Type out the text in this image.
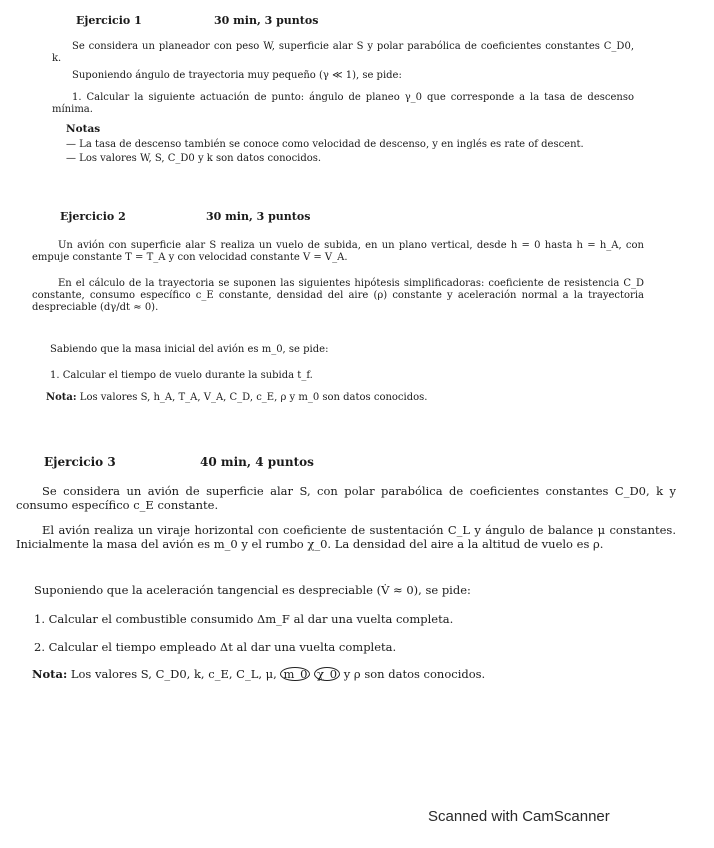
Ejercicio 1	30 min, 3 puntos
Se considera un planeador con peso W, superficie alar S y polar parabólica de coeficientes constantes C_D0, k.
Suponiendo ángulo de trayectoria muy pequeño (γ ≪ 1), se pide:
1. Calcular la siguiente actuación de punto: ángulo de planeo γ_0 que corresponde a la tasa de descenso mínima.
Notas
— La tasa de descenso también se conoce como velocidad de descenso, y en inglés es rate of descent.
— Los valores W, S, C_D0 y k son datos conocidos.
Ejercicio 2	30 min, 3 puntos
Un avión con superficie alar S realiza un vuelo de subida, en un plano vertical, desde h = 0 hasta h = h_A, con empuje constante T = T_A y con velocidad constante V = V_A.
En el cálculo de la trayectoria se suponen las siguientes hipótesis simplificadoras: coeficiente de resistencia C_D constante, consumo específico c_E constante, densidad del aire (ρ) constante y aceleración normal a la trayectoria despreciable (dγ/dt ≈ 0).
Sabiendo que la masa inicial del avión es m_0, se pide:
1. Calcular el tiempo de vuelo durante la subida t_f.
Nota: Los valores S, h_A, T_A, V_A, C_D, c_E, ρ y m_0 son datos conocidos.
Ejercicio 3	40 min, 4 puntos
Se considera un avión de superficie alar S, con polar parabólica de coeficientes constantes C_D0, k y consumo específico c_E constante.
El avión realiza un viraje horizontal con coeficiente de sustentación C_L y ángulo de balance μ constantes. Inicialmente la masa del avión es m_0 y el rumbo χ_0. La densidad del aire a la altitud de vuelo es ρ.
Suponiendo que la aceleración tangencial es despreciable (V̇ ≈ 0), se pide:
1. Calcular el combustible consumido Δm_F al dar una vuelta completa.
2. Calcular el tiempo empleado Δt al dar una vuelta completa.
Nota: Los valores S, C_D0, k, c_E, C_L, μ, m_0 χ_0 y ρ son datos conocidos.
Scanned with CamScanner
